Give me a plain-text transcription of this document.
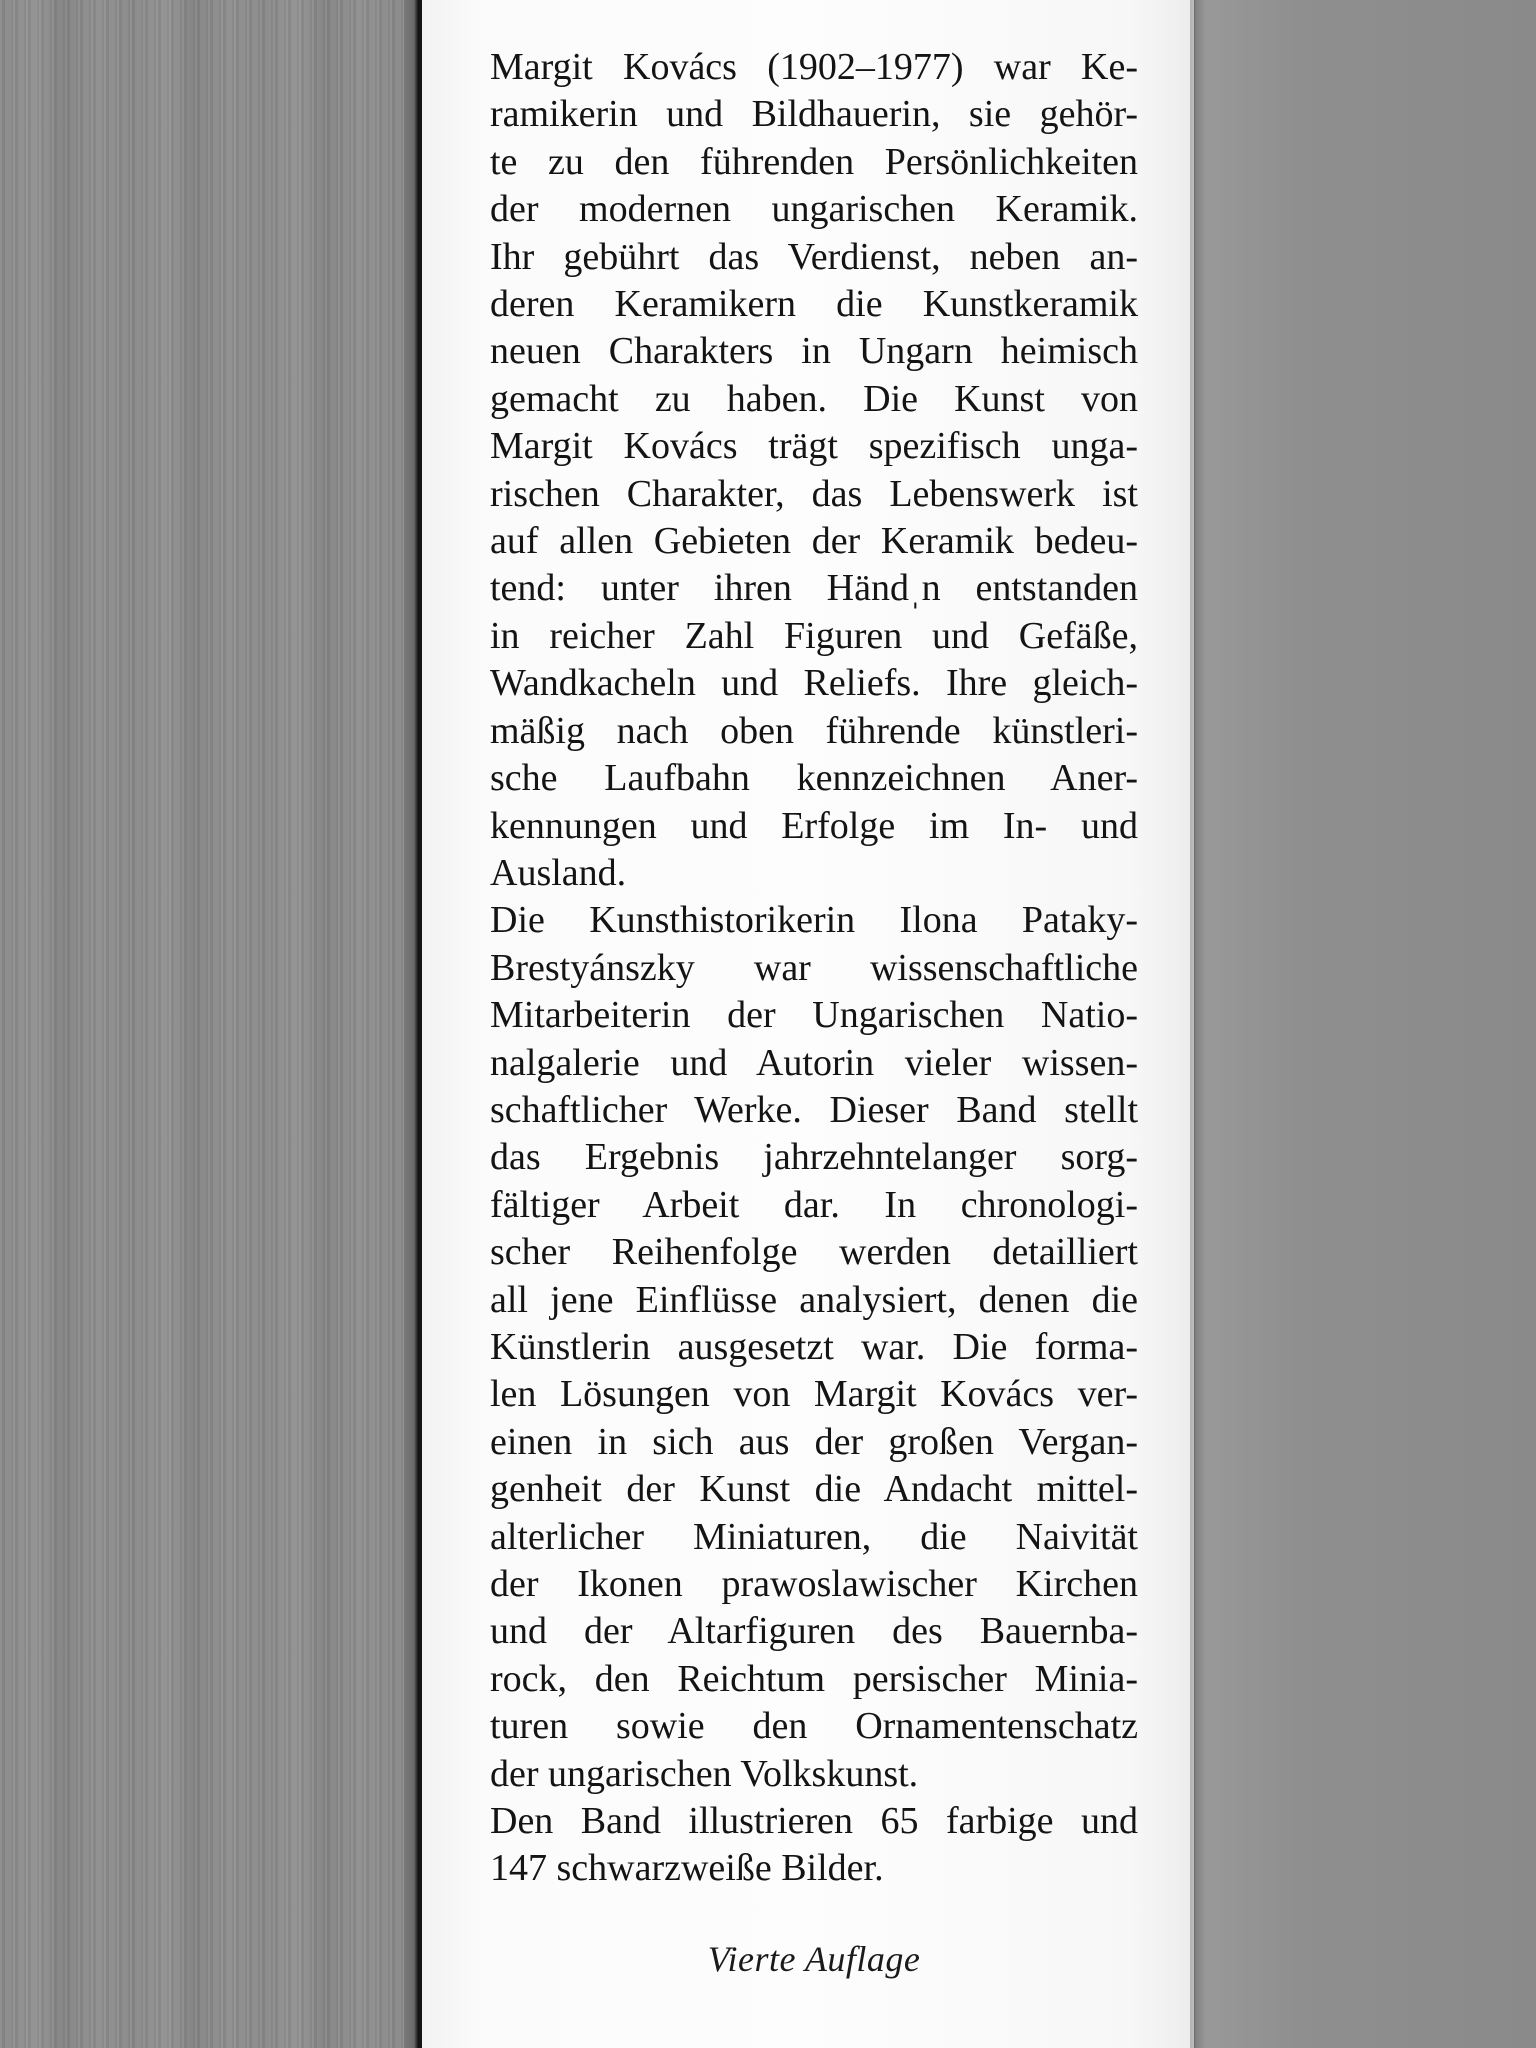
Margit Kovács (1902–1977) war Ke-
ramikerin und Bildhauerin, sie gehör-
te zu den führenden Persönlichkeiten
der modernen ungarischen Keramik.
Ihr gebührt das Verdienst, neben an-
deren Keramikern die Kunstkeramik
neuen Charakters in Ungarn heimisch
gemacht zu haben. Die Kunst von
Margit Kovács trägt spezifisch unga-
rischen Charakter, das Lebenswerk ist
auf allen Gebieten der Keramik bedeu-
tend: unter ihren Händˌn entstanden
in reicher Zahl Figuren und Gefäße,
Wandkacheln und Reliefs. Ihre gleich-
mäßig nach oben führende künstleri-
sche Laufbahn kennzeichnen Aner-
kennungen und Erfolge im In- und
Ausland.
Die Kunsthistorikerin Ilona Pataky-
Brestyánszky war wissenschaftliche
Mitarbeiterin der Ungarischen Natio-
nalgalerie und Autorin vieler wissen-
schaftlicher Werke. Dieser Band stellt
das Ergebnis jahrzehntelanger sorg-
fältiger Arbeit dar. In chronologi-
scher Reihenfolge werden detailliert
all jene Einflüsse analysiert, denen die
Künstlerin ausgesetzt war. Die forma-
len Lösungen von Margit Kovács ver-
einen in sich aus der großen Vergan-
genheit der Kunst die Andacht mittel-
alterlicher Miniaturen, die Naivität
der Ikonen prawoslawischer Kirchen
und der Altarfiguren des Bauernba-
rock, den Reichtum persischer Minia-
turen sowie den Ornamentenschatz
der ungarischen Volkskunst.
Den Band illustrieren 65 farbige und
147 schwarzweiße Bilder.
Vierte Auflage
